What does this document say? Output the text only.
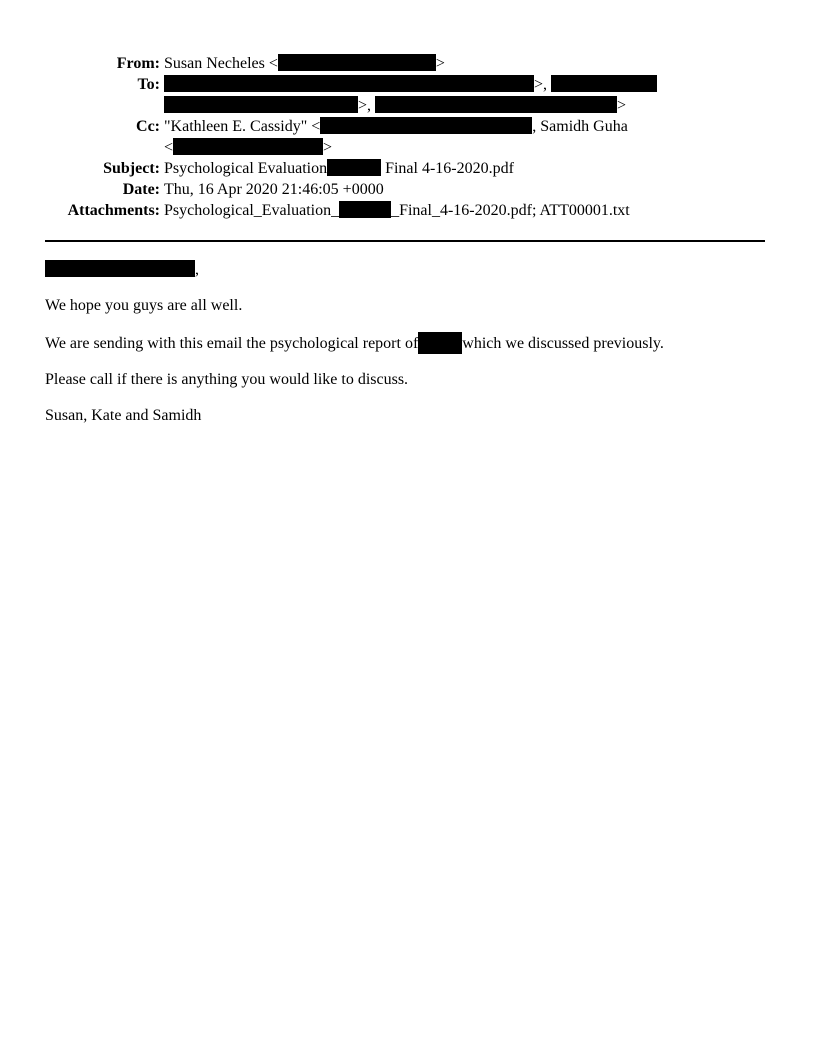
From: Susan Necheles <	>
To:	>,
>,	>
Cc: "Kathleen E. Cassidy" <	, Samidh Guha
<	>
Subject: Psychological Evaluation	Final 4-16-2020.pdf
Date: Thu, 16 Apr 2020 21:46:05 +0000
Attachments: Psychological_Evaluation_	_Final_4-16-2020.pdf; ATT00001.txt

,

We hope you guys are all well.

We are sending with this email the psychological report of	which we discussed previously.

Please call if there is anything you would like to discuss.

Susan, Kate and Samidh
